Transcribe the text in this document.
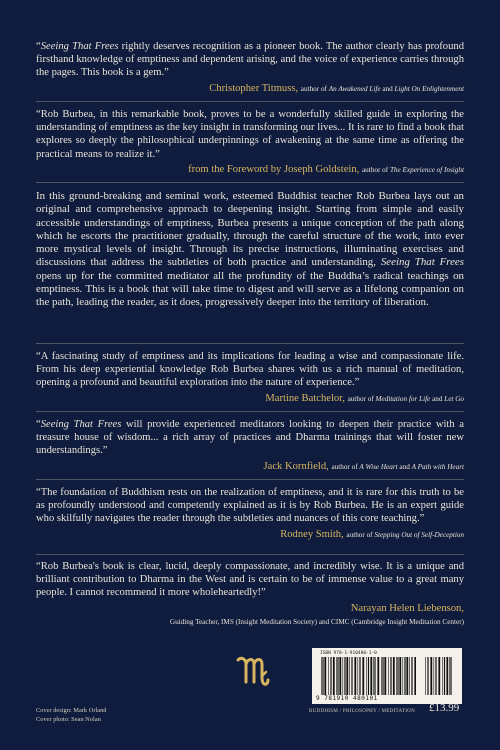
“Seeing That Frees rightly deserves recognition as a pioneer book. The author clearly has profound firsthand knowledge of emptiness and dependent arising, and the voice of experience carries through the pages. This book is a gem.”

Christopher Titmuss, author of An Awakened Life and Light On Enlightenment

“Rob Burbea, in this remarkable book, proves to be a wonderfully skilled guide in exploring the understanding of emptiness as the key insight in transforming our lives... It is rare to find a book that explores so deeply the philosophical underpinnings of awakening at the same time as offering the practical means to realize it.”

from the Foreword by Joseph Goldstein, author of The Experience of Insight

In this ground-breaking and seminal work, esteemed Buddhist teacher Rob Burbea lays out an original and comprehensive approach to deepening insight. Starting from simple and easily accessible understandings of emptiness, Burbea presents a unique conception of the path along which he escorts the practitioner gradually, through the careful structure of the work, into ever more mystical levels of insight. Through its precise instructions, illuminating exercises and discussions that address the subtleties of both practice and understanding, Seeing That Frees opens up for the committed meditator all the profundity of the Buddha’s radical teachings on emptiness. This is a book that will take time to digest and will serve as a lifelong companion on the path, leading the reader, as it does, progressively deeper into the territory of liberation.

“A fascinating study of emptiness and its implications for leading a wise and compassionate life. From his deep experiential knowledge Rob Burbea shares with us a rich manual of meditation, opening a profound and beautiful exploration into the nature of experience.”

Martine Batchelor, author of Meditation for Life and Let Go

“Seeing That Frees will provide experienced meditators looking to deepen their practice with a treasure house of wisdom... a rich array of practices and Dharma trainings that will foster new understandings.”

Jack Kornfield, author of A Wise Heart and A Path with Heart

“The foundation of Buddhism rests on the realization of emptiness, and it is rare for this truth to be as profoundly understood and competently explained as it is by Rob Burbea. He is an expert guide who skilfully navigates the reader through the subtleties and nuances of this core teaching.”

Rodney Smith, author of Stepping Out of Self-Deception

“Rob Burbea's book is clear, lucid, deeply compassionate, and incredibly wise. It is a unique and brilliant contribution to Dharma in the West and is certain to be of immense value to a great many people. I cannot recommend it more wholeheartedly!”

Narayan Helen Liebenson,
Guiding Teacher, IMS (Insight Meditation Society) and CIMC (Cambridge Insight Meditation Center)

Cover design: Mark Orland
Cover photo: Sean Nolan
ISBN 978-1-910480-1-0
9 781910 480101
BUDDHISM / PHILOSOPHY / MEDITATION £13.99
